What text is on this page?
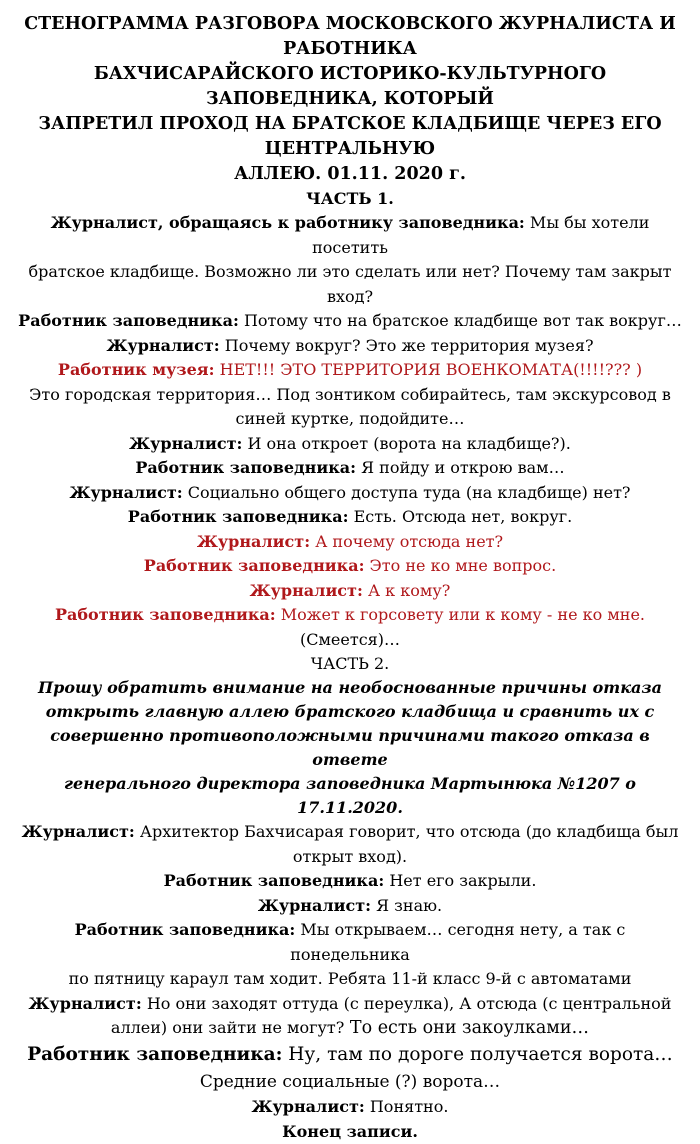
СТЕНОГРАММА РАЗГОВОРА МОСКОВСКОГО ЖУРНАЛИСТА И РАБОТНИКА

БАХЧИСАРАЙСКОГО ИСТОРИКО-КУЛЬТУРНОГО ЗАПОВЕДНИКА, КОТОРЫЙ

ЗАПРЕТИЛ ПРОХОД НА БРАТСКОЕ КЛАДБИЩЕ ЧЕРЕЗ ЕГО ЦЕНТРАЛЬНУЮ

АЛЛЕЮ. 01.11. 2020 г.

ЧАСТЬ 1.

Журналист, обращаясь к работнику заповедника: Мы бы хотели посетить

братское кладбище. Возможно ли это сделать или нет? Почему там закрыт

вход?

Работник заповедника: Потому что на братское кладбище вот так вокруг…

Журналист: Почему вокруг? Это же территория музея?

Работник музея: НЕТ!!! ЭТО ТЕРРИТОРИЯ ВОЕНКОМАТА(!!!!??? )

Это городская территория… Под зонтиком собирайтесь, там экскурсовод в

синей куртке, подойдите…

Журналист: И она откроет (ворота на кладбище?).

Работник заповедника: Я пойду и открою вам…

Журналист: Социально общего доступа туда (на кладбище) нет?

Работник заповедника: Есть. Отсюда нет, вокруг.

Журналист: А почему отсюда нет?

Работник заповедника: Это не ко мне вопрос.

Журналист: А к кому?

Работник заповедника: Может к горсовету или к кому - не ко мне.

(Смеется)…

ЧАСТЬ 2.

Прошу обратить внимание на необоснованные причины отказа

открыть главную аллею братского кладбища и сравнить их с

совершенно противоположными причинами такого отказа в ответе

генерального директора заповедника Мартынюка №1207 о 17.11.2020.

Журналист: Архитектор Бахчисарая говорит, что отсюда (до кладбища был

открыт вход).

Работник заповедника: Нет его закрыли.

Журналист: Я знаю.

Работник заповедника: Мы открываем… сегодня нету, а так с понедельника

по пятницу караул там ходит. Ребята 11-й класс 9-й с автоматами

Журналист: Но они заходят оттуда (с переулка), А отсюда (с центральной

аллеи) они зайти не могут? То есть они закоулками…

Работник заповедника: Ну, там по дороге получается ворота…

Средние социальные (?) ворота…

Журналист: Понятно.

Конец записи.
